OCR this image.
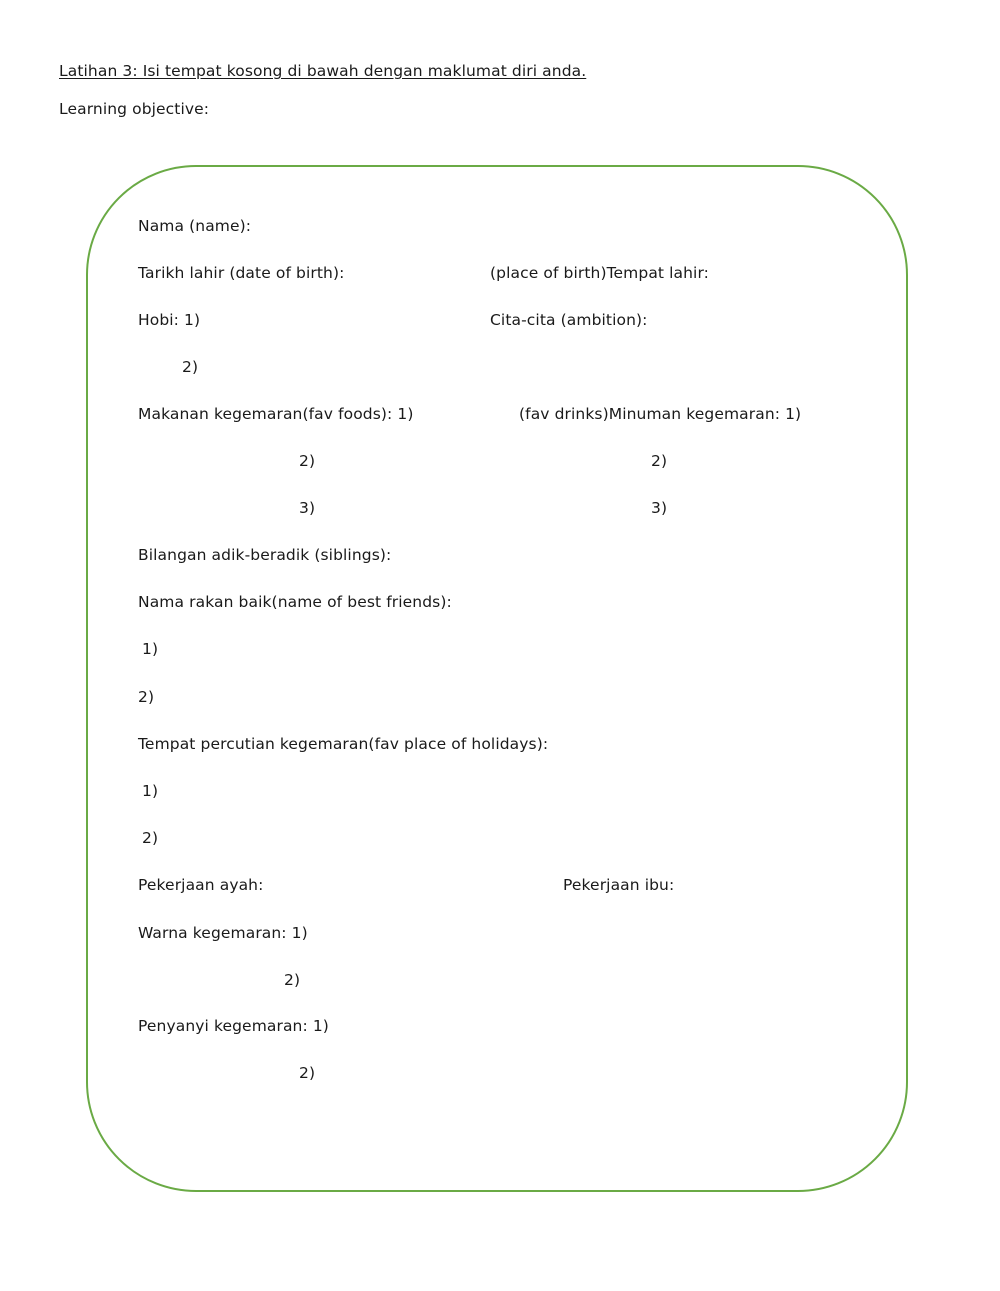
Latihan 3: Isi tempat kosong di bawah dengan maklumat diri anda.
Learning objective:
Nama (name):
Tarikh lahir (date of birth):	(place of birth)Tempat lahir:
Hobi: 1)	Cita-cita (ambition):
2)
Makanan kegemaran(fav foods): 1)	(fav drinks)Minuman kegemaran: 1)
2)	2)
3)	3)
Bilangan adik-beradik (siblings):
Nama rakan baik(name of best friends):
1)
2)
Tempat percutian kegemaran(fav place of holidays):
1)
2)
Pekerjaan ayah:	Pekerjaan ibu:
Warna kegemaran: 1)
2)
Penyanyi kegemaran: 1)
2)
